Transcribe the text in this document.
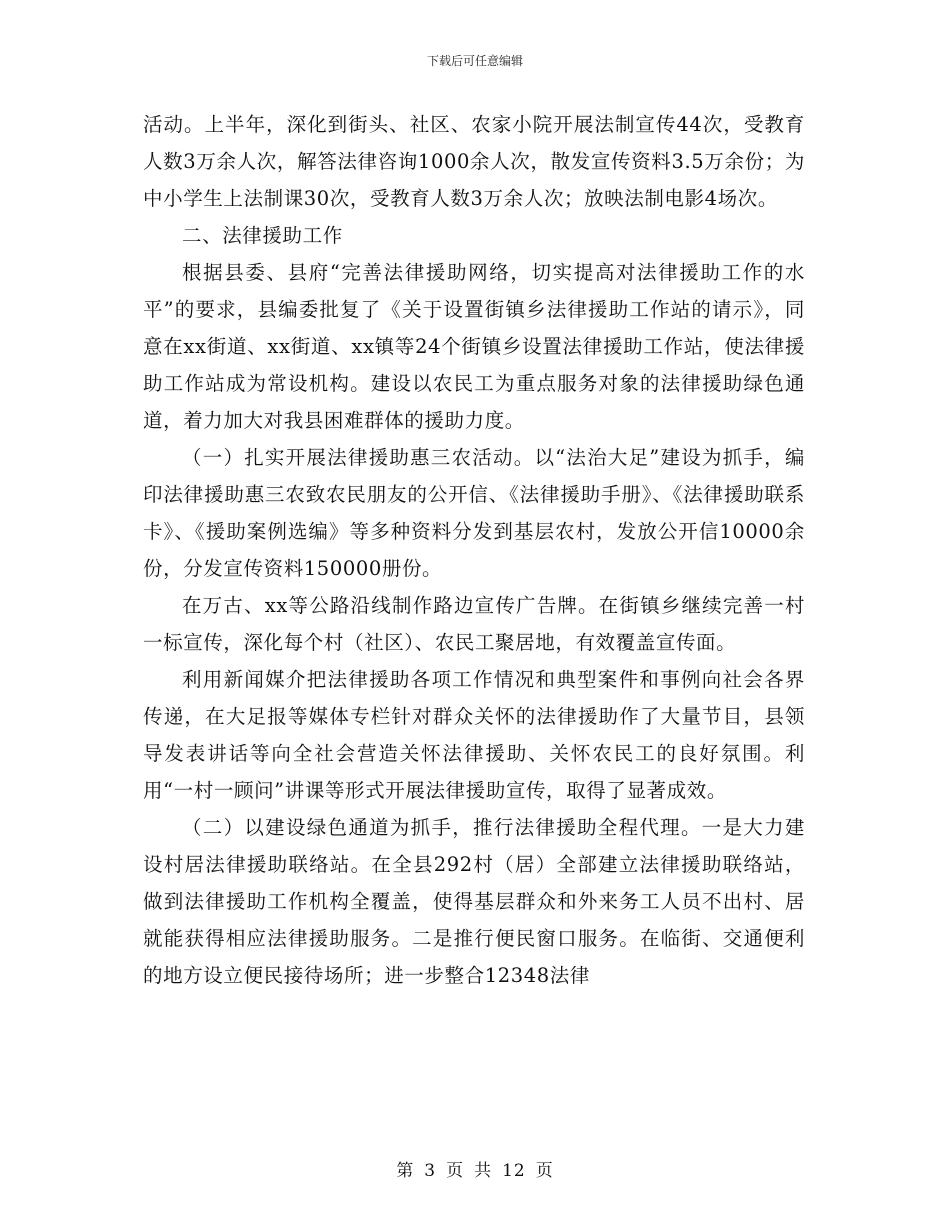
下载后可任意编辑

活动。上半年，深化到街头、社区、农家小院开展法制宣传44次，受教育人数3万余人次，解答法律咨询1000余人次，散发宣传资料3.5万余份；为中小学生上法制课30次，受教育人数3万余人次；放映法制电影4场次。

二、法律援助工作

根据县委、县府“完善法律援助网络，切实提高对法律援助工作的水平”的要求，县编委批复了《关于设置街镇乡法律援助工作站的请示》，同意在xx街道、xx街道、xx镇等24个街镇乡设置法律援助工作站，使法律援助工作站成为常设机构。建设以农民工为重点服务对象的法律援助绿色通道，着力加大对我县困难群体的援助力度。

（一）扎实开展法律援助惠三农活动。以“法治大足”建设为抓手，编印法律援助惠三农致农民朋友的公开信、《法律援助手册》、《法律援助联系卡》、《援助案例选编》等多种资料分发到基层农村，发放公开信10000余份，分发宣传资料150000册份。

在万古、xx等公路沿线制作路边宣传广告牌。在街镇乡继续完善一村一标宣传，深化每个村（社区）、农民工聚居地，有效覆盖宣传面。

利用新闻媒介把法律援助各项工作情况和典型案件和事例向社会各界传递，在大足报等媒体专栏针对群众关怀的法律援助作了大量节目，县领导发表讲话等向全社会营造关怀法律援助、关怀农民工的良好氛围。利用“一村一顾问”讲课等形式开展法律援助宣传，取得了显著成效。

（二）以建设绿色通道为抓手，推行法律援助全程代理。一是大力建设村居法律援助联络站。在全县292村（居）全部建立法律援助联络站，做到法律援助工作机构全覆盖，使得基层群众和外来务工人员不出村、居就能获得相应法律援助服务。二是推行便民窗口服务。在临街、交通便利的地方设立便民接待场所；进一步整合12348法律

第 3 页 共 12 页
